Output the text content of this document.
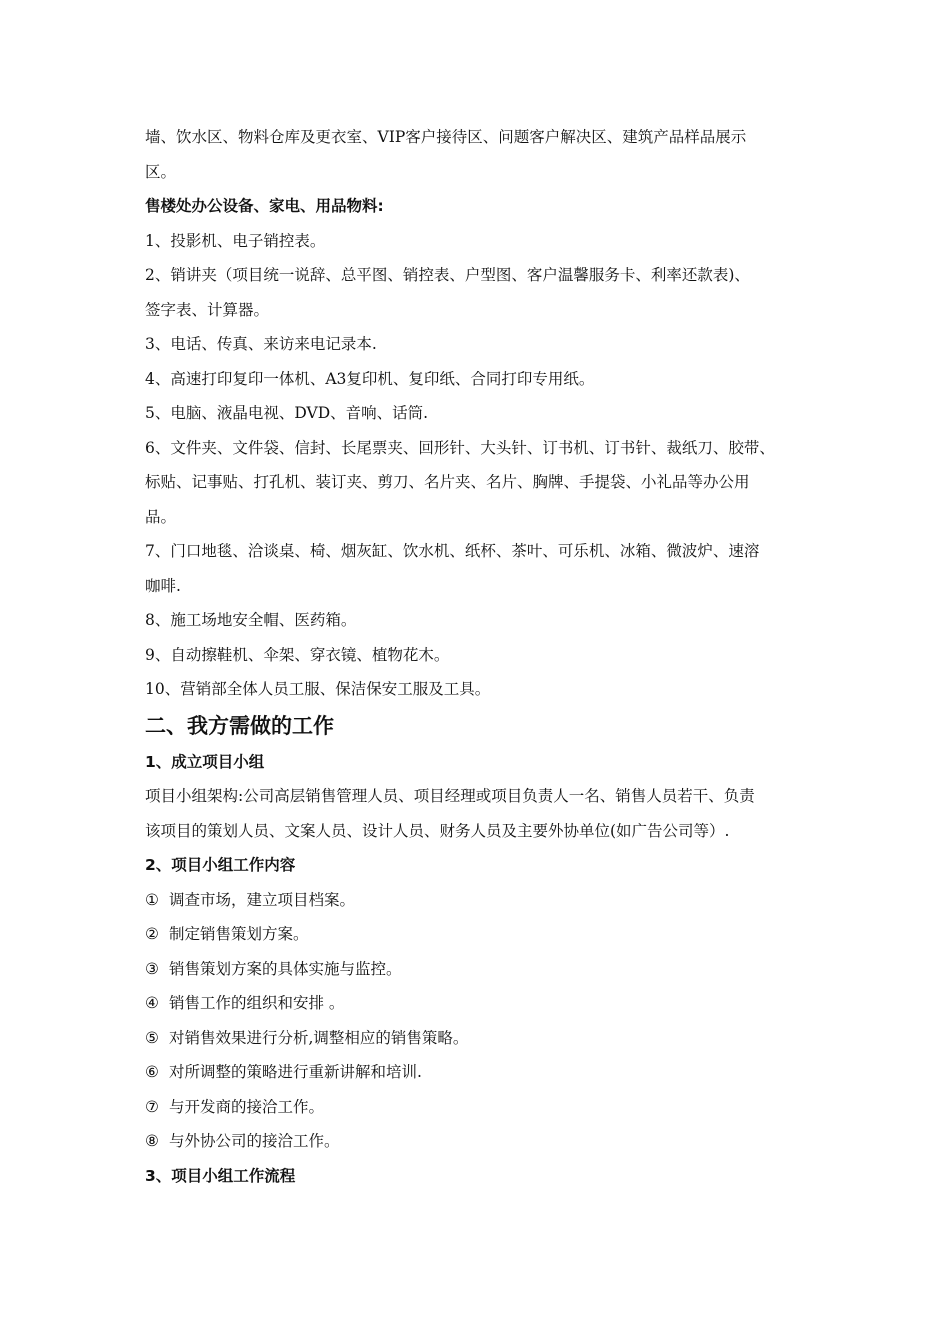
墙、饮水区、物料仓库及更衣室、VIP客户接待区、问题客户解决区、建筑产品样品展示

区。

售楼处办公设备、家电、用品物料:

1、投影机、电子销控表。

2、销讲夹（项目统一说辞、总平图、销控表、户型图、客户温馨服务卡、利率还款表)、

签字表、计算器。

3、电话、传真、来访来电记录本.

4、高速打印复印一体机、A3复印机、复印纸、合同打印专用纸。

5、电脑、液晶电视、DVD、音响、话筒.

6、文件夹、文件袋、信封、长尾票夹、回形针、大头针、订书机、订书针、裁纸刀、胶带、

标贴、记事贴、打孔机、装订夹、剪刀、名片夹、名片、胸牌、手提袋、小礼品等办公用

品。

7、门口地毯、洽谈桌、椅、烟灰缸、饮水机、纸杯、茶叶、可乐机、冰箱、微波炉、速溶

咖啡.

8、施工场地安全帽、医药箱。

9、自动擦鞋机、伞架、穿衣镜、植物花木。

10、营销部全体人员工服、保洁保安工服及工具。

二、我方需做的工作

1、成立项目小组

项目小组架构:公司高层销售管理人员、项目经理或项目负责人一名、销售人员若干、负责

该项目的策划人员、文案人员、设计人员、财务人员及主要外协单位(如广告公司等）.

2、项目小组工作内容

① 调查市场，建立项目档案。

② 制定销售策划方案。

③ 销售策划方案的具体实施与监控。

④ 销售工作的组织和安排 。

⑤ 对销售效果进行分析,调整相应的销售策略。

⑥ 对所调整的策略进行重新讲解和培训.

⑦ 与开发商的接洽工作。

⑧ 与外协公司的接洽工作。

3、项目小组工作流程
